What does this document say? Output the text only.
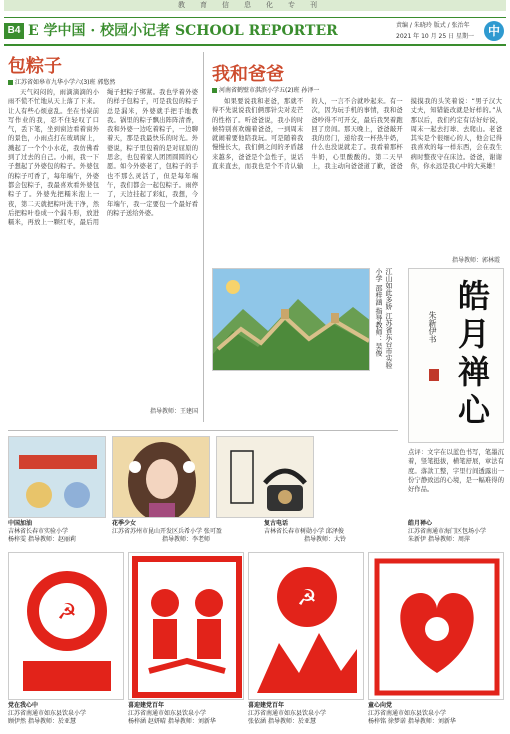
教育信息化专刊
B4 E 学中国 · 校园小记者 SCHOOL REPORTER	责编 / 朱晓玲 版式 / 张治年
2021 年 10 月 25 日 星期一	中
包粽子
江苏省如皋市九华小学六(3)班 郭悠然
天气闷闷的，雨滴滴滴的小雨不慌不忙地从天上落了下来。让人有些心烦意乱。坐在书桌前写作业的我，忍不住轻叹了口气，丢下笔，坐到窗边看着窗外的景色，小雨点打在玻璃窗上，溅起了一个个小水花，我仿佛看到了过去的自己。小雨，我一下子想起了外婆包的粽子。外婆包的粽子可香了，每年端午，外婆都会包粽子，我最喜欢看外婆包粽子了。外婆先把糯米泡上一夜，第二天就把粽叶洗干净，然后把粽叶卷成一个漏斗形，放进糯米，再放上一颗红枣，最后用绳子把粽子绑紧。我也学着外婆的样子包粽子，可是我包的粽子总是漏米，外婆就手把手地教我。锅里的粽子飘出阵阵清香，我和外婆一边吃着粽子，一边聊着天，那是我最快乐的时光。外婆说，粽子里包着的是对屈原的思念，也包着家人团团圆圆的心愿。如今外婆老了，包粽子的手也不那么灵活了，但是每年端午，我们都会一起包粽子。雨停了，天边挂起了彩虹，我想，今年端午，我一定要包一个最好看的粽子送给外婆。
指导教师：王建国
我和爸爸
河南省鹤壁市淇滨小学五(2)班 孙泽一
如果要说我和老爸，那就不得不先说说我们俩那针尖对麦芒的性格了。听爸爸说，我小的时候特别喜欢缠着爸爸，一到周末就闹着要他陪我玩。可是随着我慢慢长大，我们俩之间的矛盾越来越多，爸爸是个急性子，说话直来直去，而我也是个不肯认输的人，一言不合就吵起来。有一次，因为玩手机的事情，我和爸爸吵得不可开交，最后我哭着跑回了房间。那天晚上，爸爸敲开我的房门，递给我一杯热牛奶，什么也没说就走了。我看着那杯牛奶，心里酸酸的。第二天早上，我主动向爸爸道了歉，爸爸摸摸我的头笑着说：“男子汉大丈夫，知错能改就是好样的。”从那以后，我们约定有话好好说，周末一起去打球、去爬山。老爸其实是个很细心的人，他会记得我喜欢的每一样东西，会在我生病时整夜守在床边。爸爸，谢谢你，你永远是我心中的大英雄！
指导教师：郭林霞
江山如此多娇 江苏省东台市实验小学 邵梓涵 指导教师：吴俊	皓月禅心
朱新伊书
点评：文字在以蓝色书写，笔墨沉着，竖笔挺拔，横笔舒展，章法有度。落款工整，字里行间透露出一份宁静致远的心境，是一幅难得的好作品。
中国加油
吉林省长春市实验小学
杨梓雯 指导教师：赵丽莉
花季少女
江苏省苏州市昆山开发区兵希小学 张可盈
指导教师：李老师
复古电话
吉林省长春市树勋小学 邱泽俊
指导教师：大铃
皓月禅心
江苏省南通市海门区包场小学
朱新伊 指导教师：周萍
☭
☭
党在我心中
江苏省南通市如东县饮泉小学
顾伊然 指导教师：於亚慧
喜迎建党百年
江苏省南通市如东县饮泉小学
杨梓涵 赵妍晴 指导教师：刘新华
喜迎建党百年
江苏省南通市如东县饮泉小学
张依涵 指导教师：於亚慧
童心向党
江苏省南通市如东县饮泉小学
杨梓铭 徐梦诺 指导教师：刘新华
